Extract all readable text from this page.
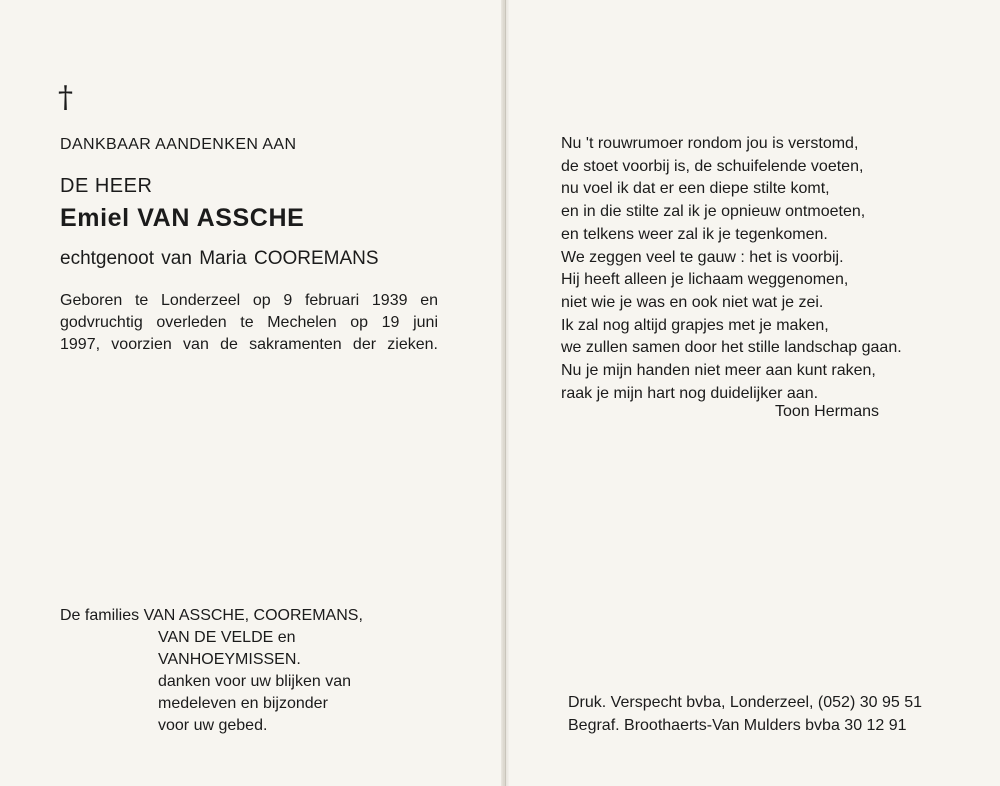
†
DANKBAAR AANDENKEN AAN
DE HEER
Emiel VAN ASSCHE
echtgenoot van Maria COOREMANS
Geboren te Londerzeel op 9 februari 1939 en
godvruchtig overleden te Mechelen op 19 juni
1997, voorzien van de sakramenten der zieken.
De families VAN ASSCHE, COOREMANS,
VAN DE VELDE en
VANHOEYMISSEN.
danken voor uw blijken van
medeleven en bijzonder
voor uw gebed.
Nu 't rouwrumoer rondom jou is verstomd,
de stoet voorbij is, de schuifelende voeten,
nu voel ik dat er een diepe stilte komt,
en in die stilte zal ik je opnieuw ontmoeten,
en telkens weer zal ik je tegenkomen.
We zeggen veel te gauw : het is voorbij.
Hij heeft alleen je lichaam weggenomen,
niet wie je was en ook niet wat je zei.
Ik zal nog altijd grapjes met je maken,
we zullen samen door het stille landschap gaan.
Nu je mijn handen niet meer aan kunt raken,
raak je mijn hart nog duidelijker aan.
Toon Hermans
Druk. Verspecht bvba, Londerzeel, (052) 30 95 51
Begraf. Broothaerts-Van Mulders bvba 30 12 91
